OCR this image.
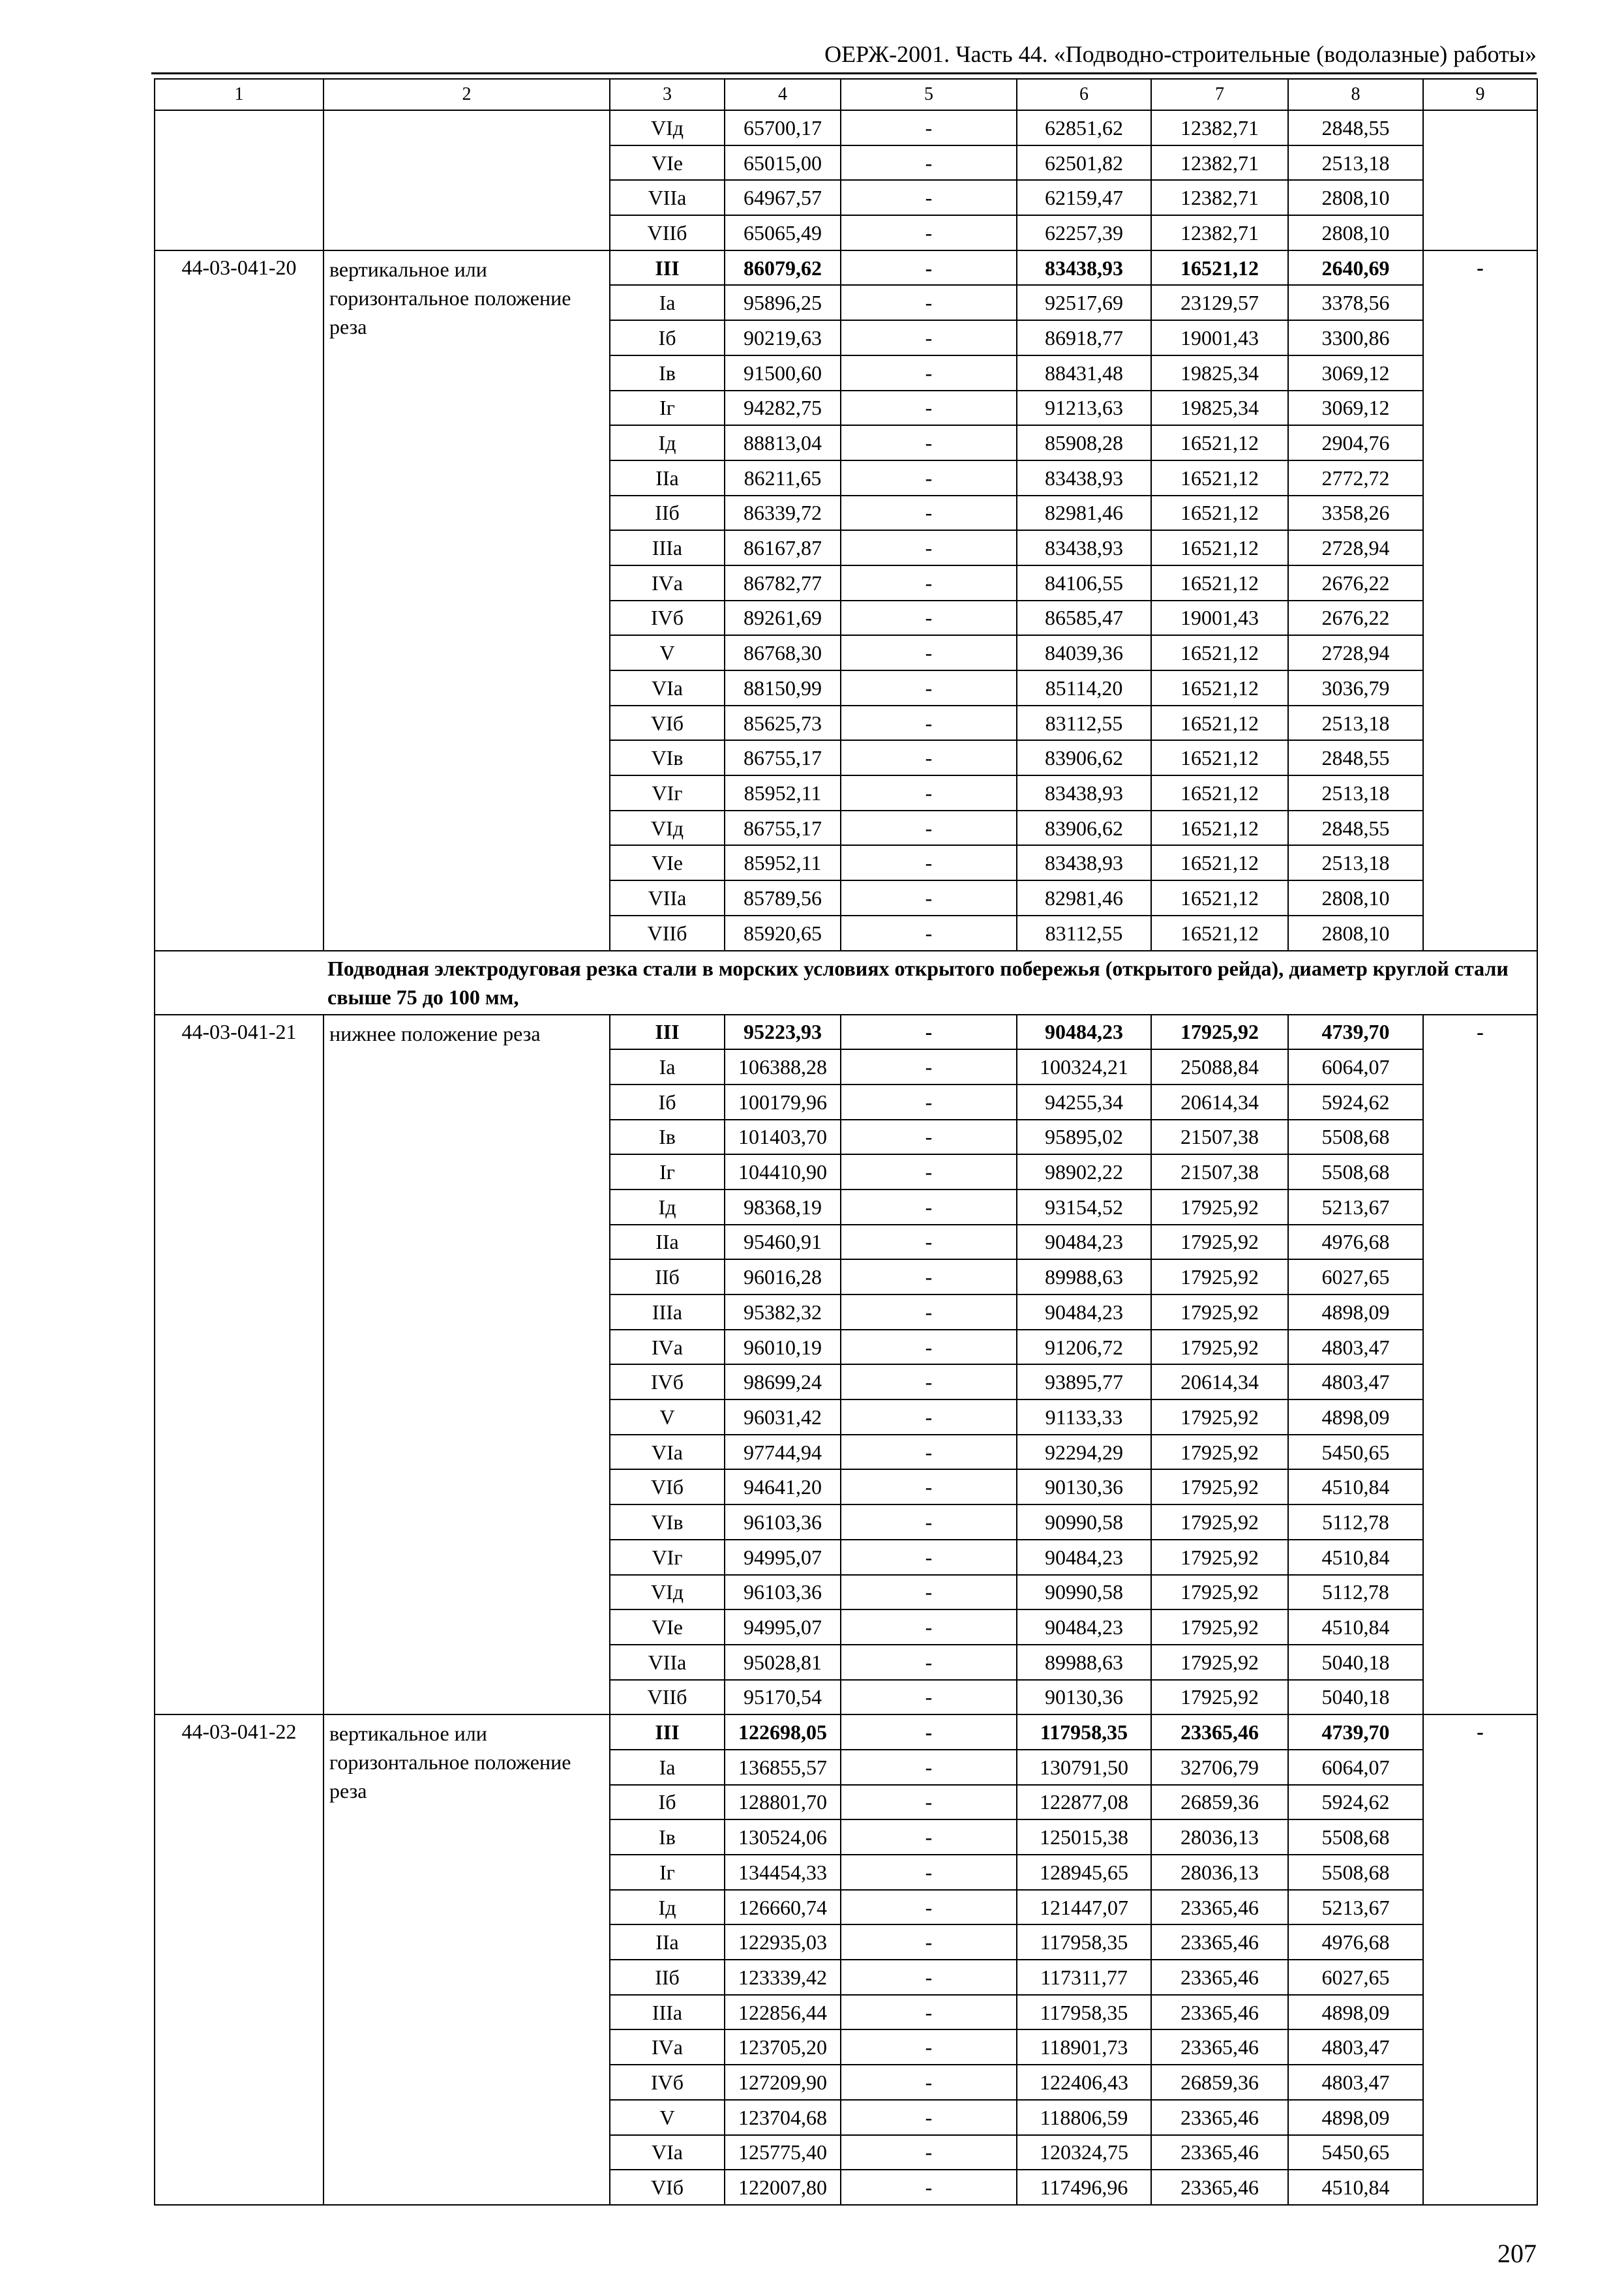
ОЕРЖ-2001. Часть 44. «Подводно-строительные (водолазные) работы»
1	2	3	4	5	6	7	8	9
		VIд	65700,17	-	62851,62	12382,71	2848,55	
		VIе	65015,00	-	62501,82	12382,71	2513,18	
		VIIа	64967,57	-	62159,47	12382,71	2808,10	
		VIIб	65065,49	-	62257,39	12382,71	2808,10	
44-03-041-20	вертикальное или горизонтальное положение реза	III	86079,62	-	83438,93	16521,12	2640,69	-
		Iа	95896,25	-	92517,69	23129,57	3378,56	
		Iб	90219,63	-	86918,77	19001,43	3300,86	
		Iв	91500,60	-	88431,48	19825,34	3069,12	
		Iг	94282,75	-	91213,63	19825,34	3069,12	
		Iд	88813,04	-	85908,28	16521,12	2904,76	
		IIа	86211,65	-	83438,93	16521,12	2772,72	
		IIб	86339,72	-	82981,46	16521,12	3358,26	
		IIIа	86167,87	-	83438,93	16521,12	2728,94	
		IVа	86782,77	-	84106,55	16521,12	2676,22	
		IVб	89261,69	-	86585,47	19001,43	2676,22	
		V	86768,30	-	84039,36	16521,12	2728,94	
		VIа	88150,99	-	85114,20	16521,12	3036,79	
		VIб	85625,73	-	83112,55	16521,12	2513,18	
		VIв	86755,17	-	83906,62	16521,12	2848,55	
		VIг	85952,11	-	83438,93	16521,12	2513,18	
		VIд	86755,17	-	83906,62	16521,12	2848,55	
		VIе	85952,11	-	83438,93	16521,12	2513,18	
		VIIа	85789,56	-	82981,46	16521,12	2808,10	
		VIIб	85920,65	-	83112,55	16521,12	2808,10	
Подводная электродуговая резка стали в морских условиях открытого побережья (открытого рейда), диаметр круглой стали свыше 75 до 100 мм,								
44-03-041-21	нижнее положение реза	III	95223,93	-	90484,23	17925,92	4739,70	-
		Iа	106388,28	-	100324,21	25088,84	6064,07	
		Iб	100179,96	-	94255,34	20614,34	5924,62	
		Iв	101403,70	-	95895,02	21507,38	5508,68	
		Iг	104410,90	-	98902,22	21507,38	5508,68	
		Iд	98368,19	-	93154,52	17925,92	5213,67	
		IIа	95460,91	-	90484,23	17925,92	4976,68	
		IIб	96016,28	-	89988,63	17925,92	6027,65	
		IIIа	95382,32	-	90484,23	17925,92	4898,09	
		IVа	96010,19	-	91206,72	17925,92	4803,47	
		IVб	98699,24	-	93895,77	20614,34	4803,47	
		V	96031,42	-	91133,33	17925,92	4898,09	
		VIа	97744,94	-	92294,29	17925,92	5450,65	
		VIб	94641,20	-	90130,36	17925,92	4510,84	
		VIв	96103,36	-	90990,58	17925,92	5112,78	
		VIг	94995,07	-	90484,23	17925,92	4510,84	
		VIд	96103,36	-	90990,58	17925,92	5112,78	
		VIе	94995,07	-	90484,23	17925,92	4510,84	
		VIIа	95028,81	-	89988,63	17925,92	5040,18	
		VIIб	95170,54	-	90130,36	17925,92	5040,18	
44-03-041-22	вертикальное или горизонтальное положение реза	III	122698,05	-	117958,35	23365,46	4739,70	-
		Iа	136855,57	-	130791,50	32706,79	6064,07	
		Iб	128801,70	-	122877,08	26859,36	5924,62	
		Iв	130524,06	-	125015,38	28036,13	5508,68	
		Iг	134454,33	-	128945,65	28036,13	5508,68	
		Iд	126660,74	-	121447,07	23365,46	5213,67	
		IIа	122935,03	-	117958,35	23365,46	4976,68	
		IIб	123339,42	-	117311,77	23365,46	6027,65	
		IIIа	122856,44	-	117958,35	23365,46	4898,09	
		IVа	123705,20	-	118901,73	23365,46	4803,47	
		IVб	127209,90	-	122406,43	26859,36	4803,47	
		V	123704,68	-	118806,59	23365,46	4898,09	
		VIа	125775,40	-	120324,75	23365,46	5450,65	
		VIб	122007,80	-	117496,96	23365,46	4510,84	
207
